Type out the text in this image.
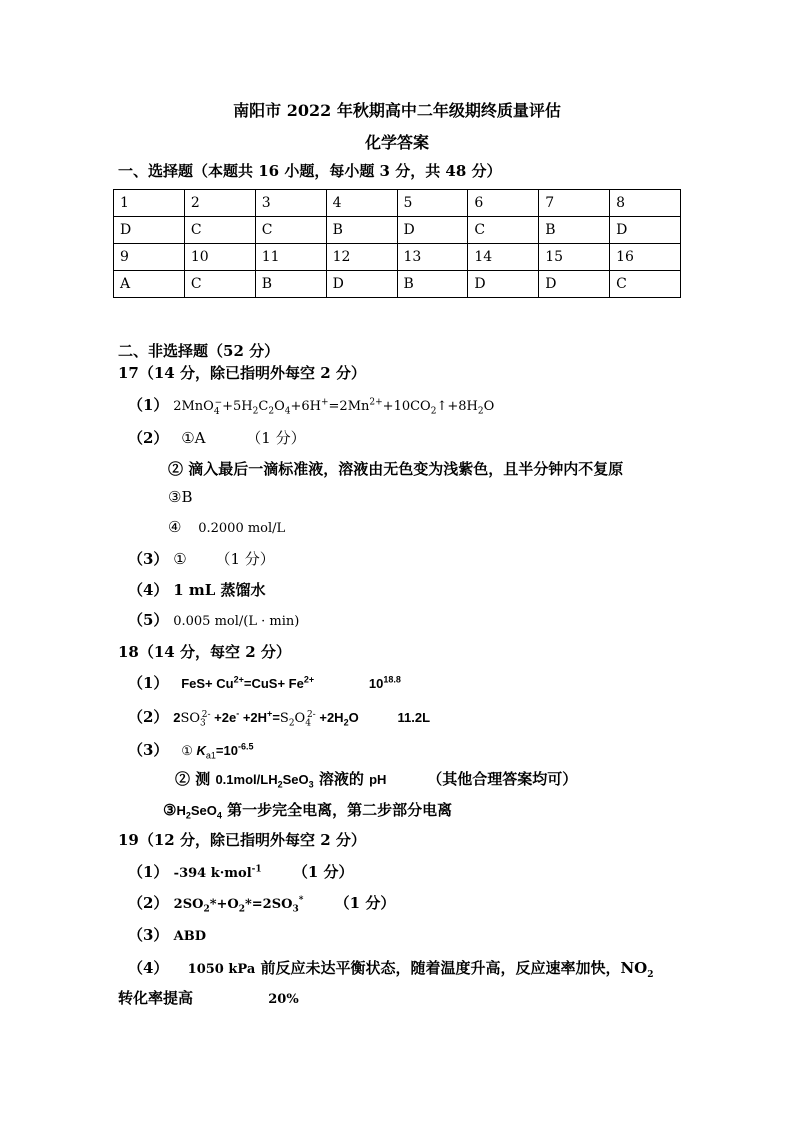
南阳市 2022 年秋期高中二年级期终质量评估
化学答案
一、选择题（本题共 16 小题，每小题 3 分，共 48 分）
1	2	3	4	5	6	7	8
D	C	C	B	D	C	B	D
9	10	11	12	13	14	15	16
A	C	B	D	B	D	D	C
二、非选择题（52 分）
17（14 分，除已指明外每空 2 分）
（1） $2MnO_4^-+5H_2C_2O_4+6H^+=2Mn^{2+}+10CO_2↑+8H_2O$
（2） ①A	（1 分）
② 滴入最后一滴标准液，溶液由无色变为浅紫色，且半分钟内不复原
③B
④ 0.2000 mol/L
（3） ① （1 分）
（4） 1 mL 蒸馏水
（5） 0.005 mol/(L · min)
18（14 分，每空 2 分）
（1） $FeS+ Cu^{2+}=CuS+ Fe^{2+}$	$10^{18.8}$
（2） $2SO_3^{2-} +2e^- +2H^+=S_2O_4^{2-} +2H_2O$	11.2L
（3） ① $K_{a1}=10^{-6.5}$
② 测 $0.1mol/LH_2SeO_3$ 溶液的 pH	（其他合理答案均可）
$③H_2SeO_4$ 第一步完全电离，第二步部分电离
19（12 分，除已指明外每空 2 分）
（1） -394 k·mol$^{-1}$ （1 分）
（2） $2SO_2*+O_2*=2SO_3^*$ （1 分）
（3） ABD
（4） 1050 kPa 前反应未达平衡状态，随着温度升高，反应速率加快，$NO_2$
转化率提高	20%
